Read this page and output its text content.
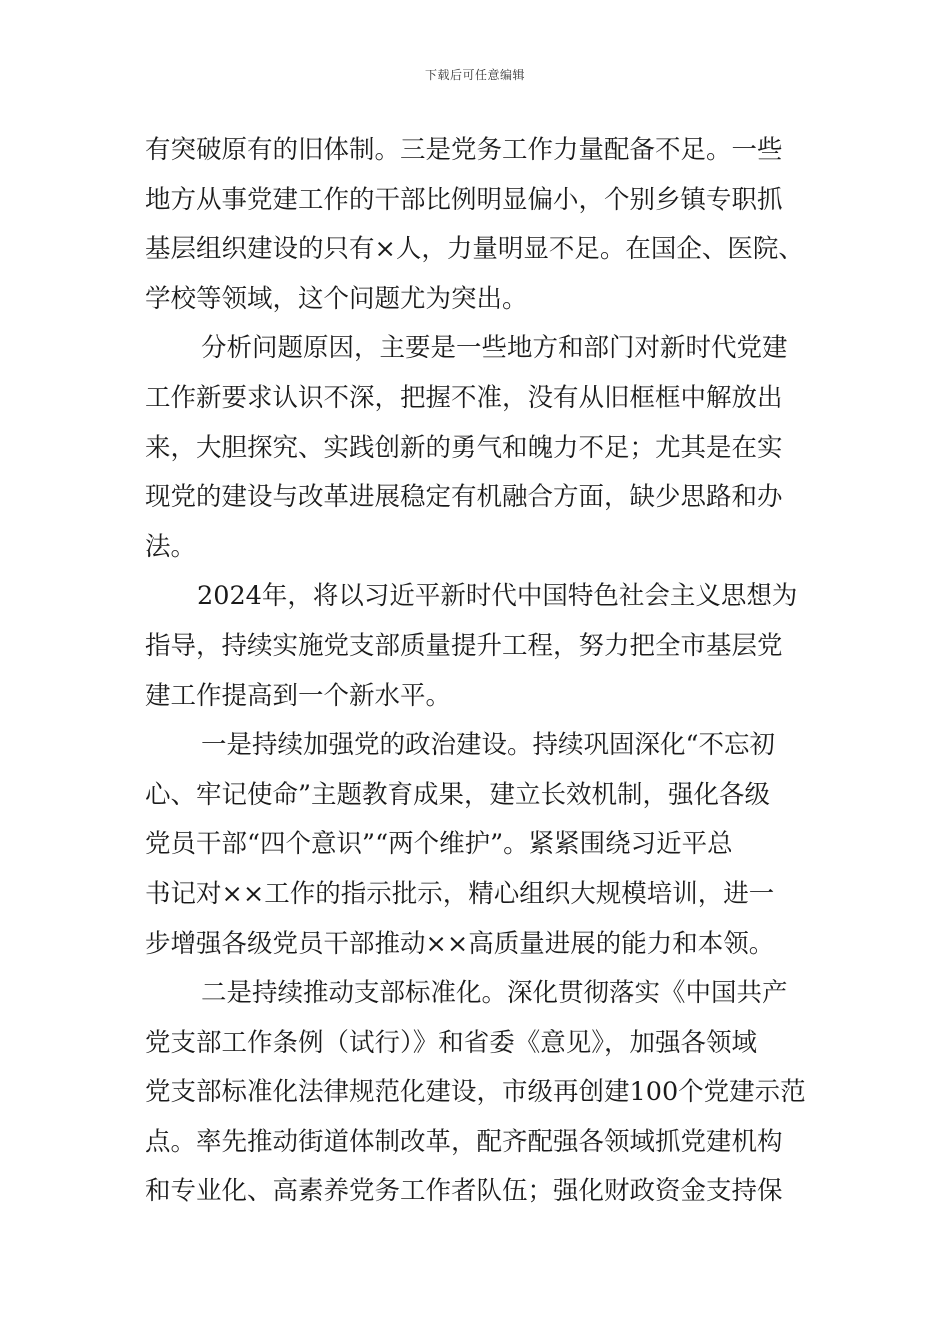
下载后可任意编辑
有突破原有的旧体制。三是党务工作力量配备不足。一些
地方从事党建工作的干部比例明显偏小，个别乡镇专职抓
基层组织建设的只有×人，力量明显不足。在国企、医院、
学校等领域，这个问题尤为突出。
分析问题原因，主要是一些地方和部门对新时代党建
工作新要求认识不深，把握不准，没有从旧框框中解放出
来，大胆探究、实践创新的勇气和魄力不足；尤其是在实
现党的建设与改革进展稳定有机融合方面，缺少思路和办
法。
2024年，将以习近平新时代中国特色社会主义思想为
指导，持续实施党支部质量提升工程，努力把全市基层党
建工作提高到一个新水平。
一是持续加强党的政治建设。持续巩固深化“不忘初
心、牢记使命”主题教育成果，建立长效机制，强化各级
党员干部“四个意识”“两个维护”。紧紧围绕习近平总
书记对××工作的指示批示，精心组织大规模培训，进一
步增强各级党员干部推动××高质量进展的能力和本领。
二是持续推动支部标准化。深化贯彻落实《中国共产
党支部工作条例（试行）》和省委《意见》，加强各领域
党支部标准化法律规范化建设，市级再创建100个党建示范
点。率先推动街道体制改革，配齐配强各领域抓党建机构
和专业化、高素养党务工作者队伍；强化财政资金支持保
